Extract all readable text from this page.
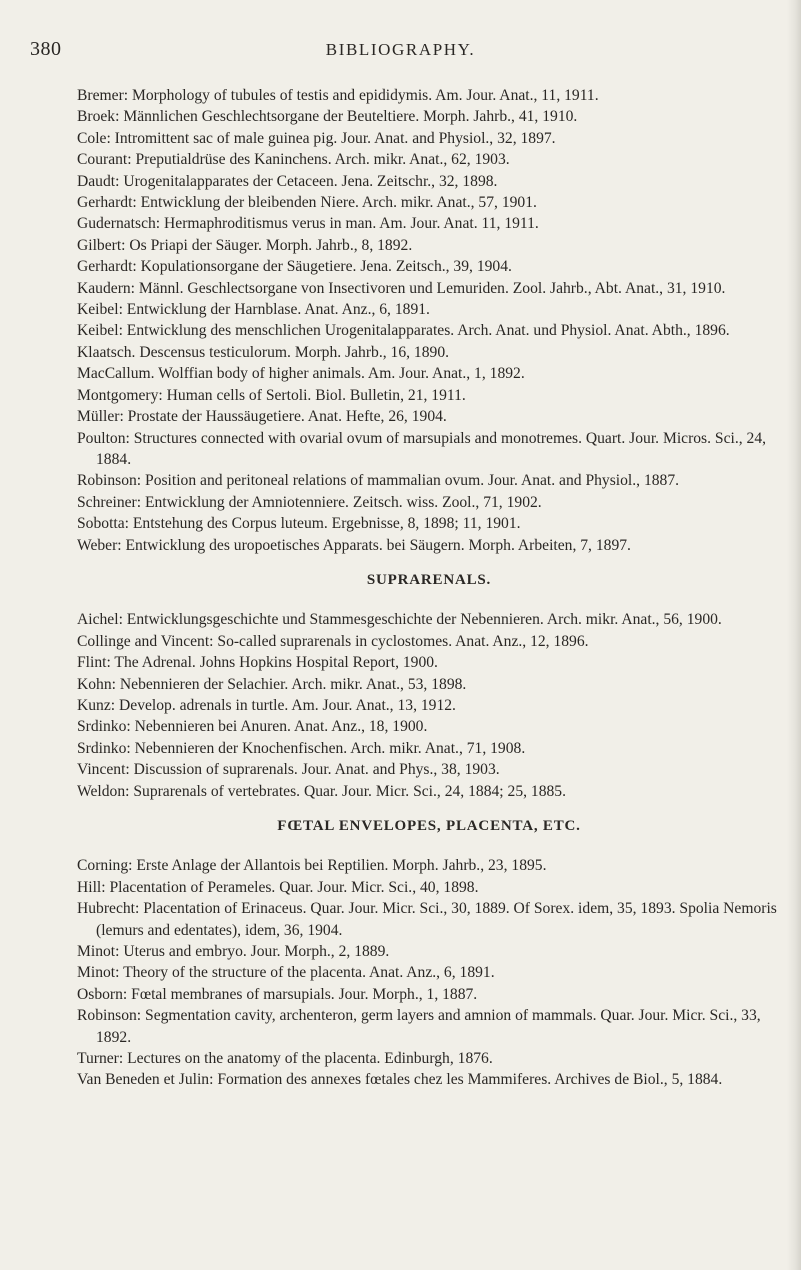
380	BIBLIOGRAPHY.

Bremer: Morphology of tubules of testis and epididymis. Am. Jour. Anat., 11, 1911.

Broek: Männlichen Geschlechtsorgane der Beuteltiere. Morph. Jahrb., 41, 1910.

Cole: Intromittent sac of male guinea pig. Jour. Anat. and Physiol., 32, 1897.

Courant: Preputialdrüse des Kaninchens. Arch. mikr. Anat., 62, 1903.

Daudt: Urogenitalapparates der Cetaceen. Jena. Zeitschr., 32, 1898.

Gerhardt: Entwicklung der bleibenden Niere. Arch. mikr. Anat., 57, 1901.

Gudernatsch: Hermaphroditismus verus in man. Am. Jour. Anat. 11, 1911.

Gilbert: Os Priapi der Säuger. Morph. Jahrb., 8, 1892.

Gerhardt: Kopulationsorgane der Säugetiere. Jena. Zeitsch., 39, 1904.

Kaudern: Männl. Geschlectsorgane von Insectivoren und Lemuriden. Zool. Jahrb., Abt. Anat., 31, 1910.

Keibel: Entwicklung der Harnblase. Anat. Anz., 6, 1891.

Keibel: Entwicklung des menschlichen Urogenitalapparates. Arch. Anat. und Physiol. Anat. Abth., 1896.

Klaatsch. Descensus testiculorum. Morph. Jahrb., 16, 1890.

MacCallum. Wolffian body of higher animals. Am. Jour. Anat., 1, 1892.

Montgomery: Human cells of Sertoli. Biol. Bulletin, 21, 1911.

Müller: Prostate der Haussäugetiere. Anat. Hefte, 26, 1904.

Poulton: Structures connected with ovarial ovum of marsupials and monotremes. Quart. Jour. Micros. Sci., 24, 1884.

Robinson: Position and peritoneal relations of mammalian ovum. Jour. Anat. and Physiol., 1887.

Schreiner: Entwicklung der Amniotenniere. Zeitsch. wiss. Zool., 71, 1902.

Sobotta: Entstehung des Corpus luteum. Ergebnisse, 8, 1898; 11, 1901.

Weber: Entwicklung des uropoetisches Apparats. bei Säugern. Morph. Arbeiten, 7, 1897.

SUPRARENALS.

Aichel: Entwicklungsgeschichte und Stammesgeschichte der Nebennieren. Arch. mikr. Anat., 56, 1900.

Collinge and Vincent: So-called suprarenals in cyclostomes. Anat. Anz., 12, 1896.

Flint: The Adrenal. Johns Hopkins Hospital Report, 1900.

Kohn: Nebennieren der Selachier. Arch. mikr. Anat., 53, 1898.

Kunz: Develop. adrenals in turtle. Am. Jour. Anat., 13, 1912.

Srdinko: Nebennieren bei Anuren. Anat. Anz., 18, 1900.

Srdinko: Nebennieren der Knochenfischen. Arch. mikr. Anat., 71, 1908.

Vincent: Discussion of suprarenals. Jour. Anat. and Phys., 38, 1903.

Weldon: Suprarenals of vertebrates. Quar. Jour. Micr. Sci., 24, 1884; 25, 1885.

FŒTAL ENVELOPES, PLACENTA, ETC.

Corning: Erste Anlage der Allantois bei Reptilien. Morph. Jahrb., 23, 1895.

Hill: Placentation of Perameles. Quar. Jour. Micr. Sci., 40, 1898.

Hubrecht: Placentation of Erinaceus. Quar. Jour. Micr. Sci., 30, 1889. Of Sorex. idem, 35, 1893. Spolia Nemoris (lemurs and edentates), idem, 36, 1904.

Minot: Uterus and embryo. Jour. Morph., 2, 1889.

Minot: Theory of the structure of the placenta. Anat. Anz., 6, 1891.

Osborn: Fœtal membranes of marsupials. Jour. Morph., 1, 1887.

Robinson: Segmentation cavity, archenteron, germ layers and amnion of mammals. Quar. Jour. Micr. Sci., 33, 1892.

Turner: Lectures on the anatomy of the placenta. Edinburgh, 1876.

Van Beneden et Julin: Formation des annexes fœtales chez les Mammiferes. Archives de Biol., 5, 1884.
